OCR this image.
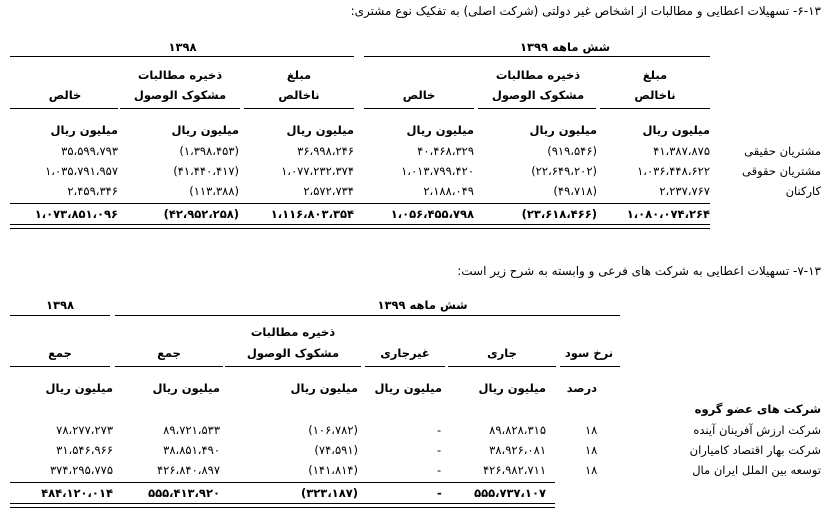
۶-۱۳- تسهیلات اعطایی و مطالبات از اشخاص غیر دولتی (شرکت اصلی) به تفکیک نوع مشتری:
شش ماهه ۱۳۹۹
۱۳۹۸
مبلغ
ناخالص
ذخیره مطالبات
مشکوک الوصول
خالص
مبلغ
ناخالص
ذخیره مطالبات
مشکوک الوصول
خالص
میلیون ریال
میلیون ریال
میلیون ریال
میلیون ریال
میلیون ریال
میلیون ریال
مشتریان حقیقی
۴۱،۳۸۷،۸۷۵
(۹۱۹،۵۴۶)
۴۰،۴۶۸،۳۲۹
۳۶،۹۹۸،۲۴۶
(۱،۳۹۸،۴۵۳)
۳۵،۵۹۹،۷۹۳
مشتریان حقوقی
۱،۰۳۶،۴۴۸،۶۲۲
(۲۲،۶۴۹،۲۰۲)
۱،۰۱۳،۷۹۹،۴۲۰
۱،۰۷۷،۲۳۲،۳۷۴
(۴۱،۴۴۰،۴۱۷)
۱،۰۳۵،۷۹۱،۹۵۷
کارکنان
۲،۲۳۷،۷۶۷
(۴۹،۷۱۸)
۲،۱۸۸،۰۴۹
۲،۵۷۲،۷۳۴
(۱۱۳،۳۸۸)
۲،۴۵۹،۳۴۶
۱،۰۸۰،۰۷۴،۲۶۴
(۲۳،۶۱۸،۴۶۶)
۱،۰۵۶،۴۵۵،۷۹۸
۱،۱۱۶،۸۰۳،۳۵۴
(۴۲،۹۵۲،۲۵۸)
۱،۰۷۳،۸۵۱،۰۹۶
۷-۱۳- تسهیلات اعطایی به شرکت های فرعی و وابسته به شرح زیر است:
شش ماهه ۱۳۹۹
۱۳۹۸
نرخ سود
جاری
غیرجاری
ذخیره مطالبات
مشکوک الوصول
جمع
جمع
درصد
میلیون ریال
میلیون ریال
میلیون ریال
میلیون ریال
میلیون ریال
شرکت های عضو گروه
شرکت ارزش آفرینان آینده
۱۸
۸۹،۸۲۸،۳۱۵
-
(۱۰۶،۷۸۲)
۸۹،۷۲۱،۵۳۳
۷۸،۲۷۷،۲۷۳
شرکت بهار اقتصاد کامیاران
۱۸
۳۸،۹۲۶،۰۸۱
-
(۷۴،۵۹۱)
۳۸،۸۵۱،۴۹۰
۳۱،۵۴۶،۹۶۶
توسعه بین الملل ایران مال
۱۸
۴۲۶،۹۸۲،۷۱۱
-
(۱۴۱،۸۱۴)
۴۲۶،۸۴۰،۸۹۷
۳۷۴،۲۹۵،۷۷۵
۵۵۵،۷۳۷،۱۰۷
-
(۳۲۳،۱۸۷)
۵۵۵،۴۱۳،۹۲۰
۴۸۴،۱۲۰،۰۱۴
